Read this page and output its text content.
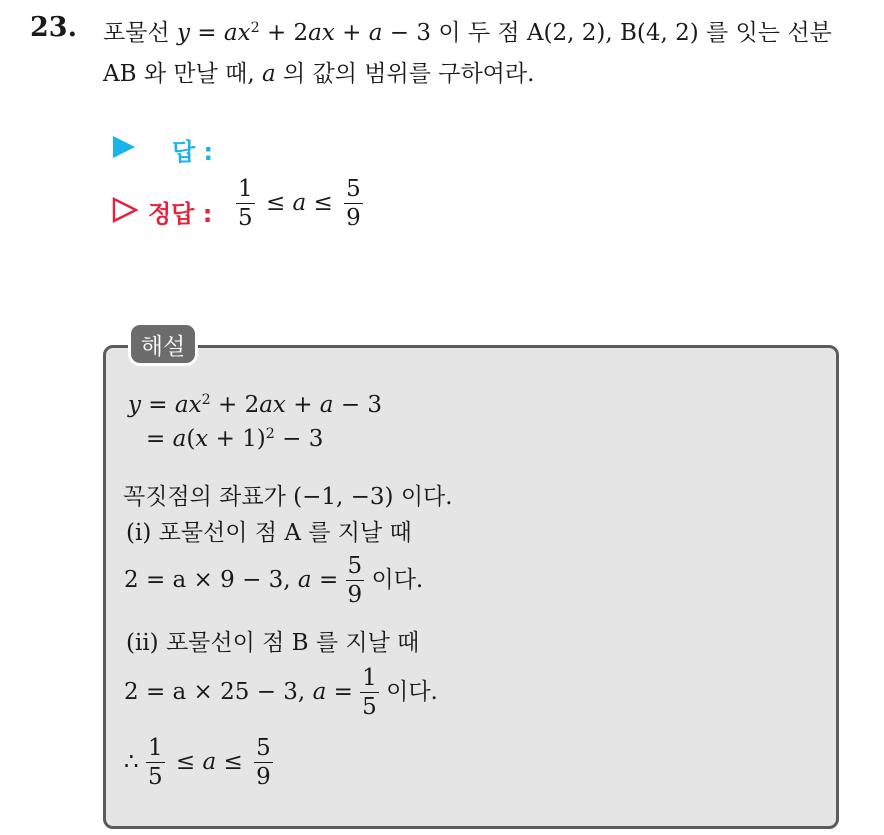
23. 포물선 $y = ax^2 + 2ax + a - 3$ 이 두 점 A(2, 2), B(4, 2) 를 잇는 선분
AB 와 만날 때, a 의 값의 범위를 구하여라.
답 :
정답 : $\frac{1}{5} \le a \le \frac{5}{9}$
해설
$y = ax^2 + 2ax + a - 3$
= $a(x + 1)^2 - 3$
꼭짓점의 좌표가 (−1, −3) 이다.
(ⅰ) 포물선이 점 A 를 지날 때
2 = a × 9 − 3, $a = \frac{5}{9}$ 이다.
(ⅱ) 포물선이 점 B 를 지날 때
2 = a × 25 − 3, $a = \frac{1}{5}$ 이다.
∴ $\frac{1}{5} \le a \le \frac{5}{9}$
